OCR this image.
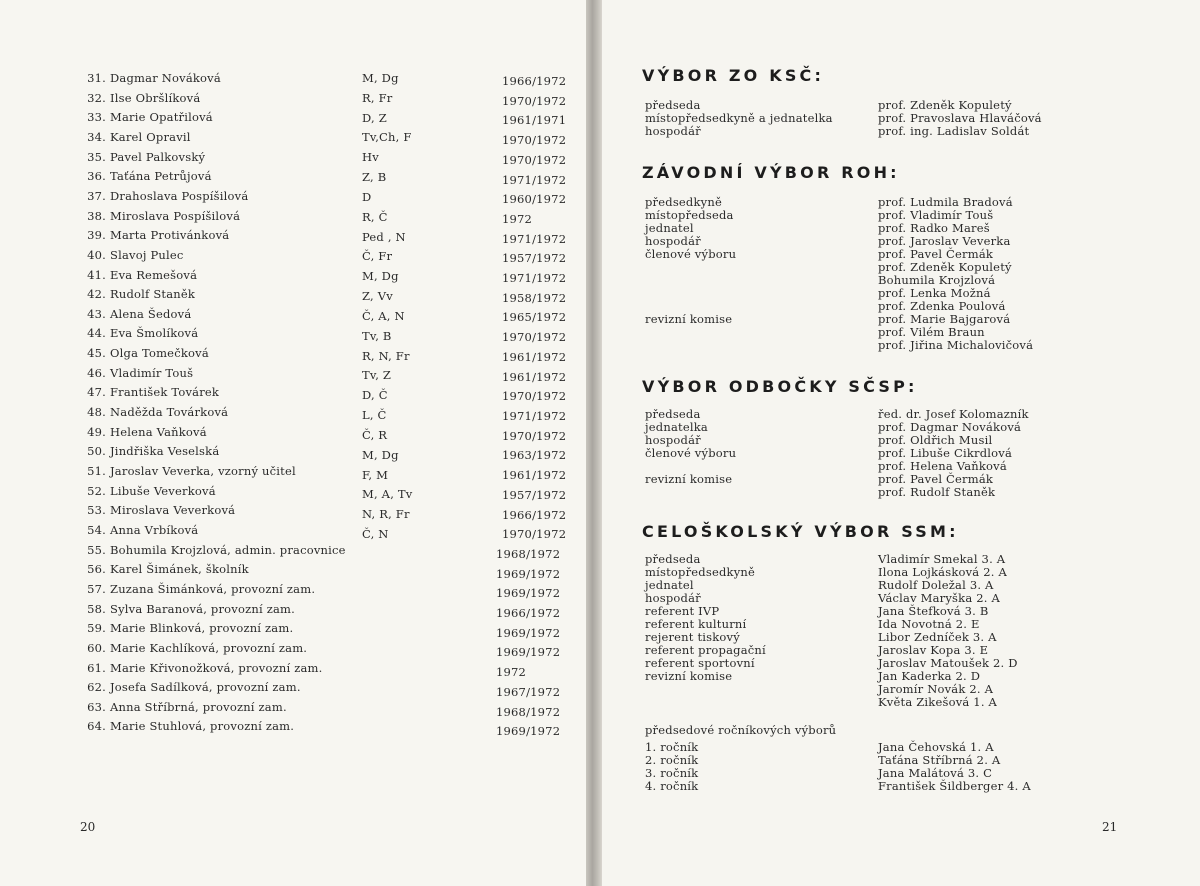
31. Dagmar Nováková	M, Dg	1966/1972
32. Ilse Obršlíková	R, Fr	1970/1972
33. Marie Opatřilová	D, Z	1961/1971
34. Karel Opravil	Tv,Ch, F	1970/1972
35. Pavel Palkovský	Hv	1970/1972
36. Taťána Petrůjová	Z, B	1971/1972
37. Drahoslava Pospíšilová	D	1960/1972
38. Miroslava Pospíšilová	R, Č	1972
39. Marta Protivánková	Ped , N	1971/1972
40. Slavoj Pulec	Č, Fr	1957/1972
41. Eva Remešová	M, Dg	1971/1972
42. Rudolf Staněk	Z, Vv	1958/1972
43. Alena Šedová	Č, A, N	1965/1972
44. Eva Šmolíková	Tv, B	1970/1972
45. Olga Tomečková	R, N, Fr	1961/1972
46. Vladimír Touš	Tv, Z	1961/1972
47. František Továrek	D, Č	1970/1972
48. Naděžda Továrková	L, Č	1971/1972
49. Helena Vaňková	Č, R	1970/1972
50. Jindřiška Veselská	M, Dg	1963/1972
51. Jaroslav Veverka, vzorný učitel	F, M	1961/1972
52. Libuše Veverková	M, A, Tv	1957/1972
53. Miroslava Veverková	N, R, Fr	1966/1972
54. Anna Vrbíková	Č, N	1970/1972
55. Bohumila Krojzlová, admin. pracovnice	1968/1972
56. Karel Šimánek, školník	1969/1972
57. Zuzana Šimánková, provozní zam.	1969/1972
58. Sylva Baranová, provozní zam.	1966/1972
59. Marie Blinková, provozní zam.	1969/1972
60. Marie Kachlíková, provozní zam.	1969/1972
61. Marie Křivonožková, provozní zam.	1972
62. Josefa Sadílková, provozní zam.	1967/1972
63. Anna Stříbrná, provozní zam.	1968/1972
64. Marie Stuhlová, provozní zam.	1969/1972
20	21
VÝBOR ZO KSČ:
předseda	prof. Zdeněk Kopuletý
místopředsedkyně a jednatelka	prof. Pravoslava Hlaváčová
hospodář	prof. ing. Ladislav Soldát
ZÁVODNÍ VÝBOR ROH:
předsedkyně	prof. Ludmila Bradová
místopředseda	prof. Vladimír Touš
jednatel	prof. Radko Mareš
hospodář	prof. Jaroslav Veverka
členové výboru	prof. Pavel Čermák
prof. Zdeněk Kopuletý
Bohumila Krojzlová
prof. Lenka Možná
prof. Zdenka Poulová
revizní komise	prof. Marie Bajgarová
prof. Vilém Braun
prof. Jiřina Michalovičová
VÝBOR ODBOČKY SČSP:
předseda	řed. dr. Josef Kolomazník
jednatelka	prof. Dagmar Nováková
hospodář	prof. Oldřich Musil
členové výboru	prof. Libuše Cikrdlová
prof. Helena Vaňková
revizní komise	prof. Pavel Čermák
prof. Rudolf Staněk
CELOŠKOLSKÝ VÝBOR SSM:
předseda	Vladimír Smekal 3. A
místopředsedkyně	Ilona Lojkásková 2. A
jednatel	Rudolf Doležal 3. A
hospodář	Václav Maryška 2. A
referent IVP	Jana Štefková 3. B
referent kulturní	Ida Novotná 2. E
rejerent tiskový	Libor Zedníček 3. A
referent propagační	Jaroslav Kopa 3. E
referent sportovní	Jaroslav Matoušek 2. D
revizní komise	Jan Kaderka 2. D
Jaromír Novák 2. A
Květa Zikešová 1. A
předsedové ročníkových výborů
1. ročník	Jana Čehovská 1. A
2. ročník	Taťána Stříbrná 2. A
3. ročník	Jana Malátová 3. C
4. ročník	František Šildberger 4. A
